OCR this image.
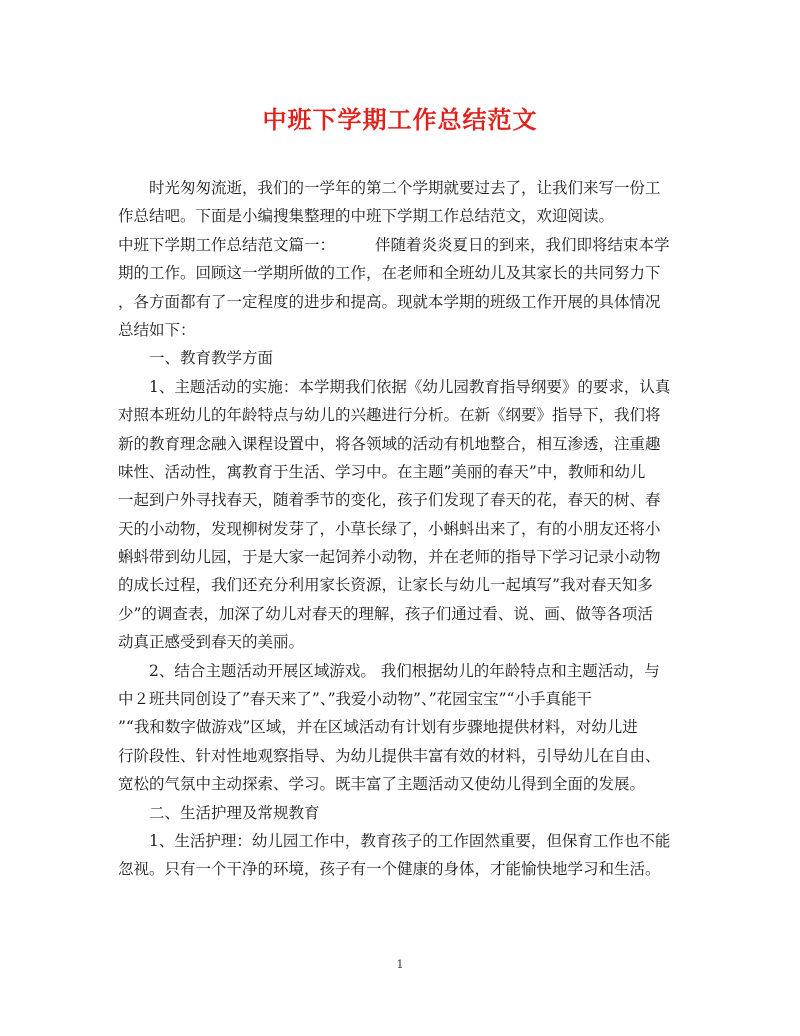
中班下学期工作总结范文
时光匆匆流逝，我们的一学年的第二个学期就要过去了，让我们来写一份工
作总结吧。下面是小编搜集整理的中班下学期工作总结范文，欢迎阅读。
中班下学期工作总结范文篇一：	伴随着炎炎夏日的到来，我们即将结束本学
期的工作。回顾这一学期所做的工作，在老师和全班幼儿及其家长的共同努力下
，各方面都有了一定程度的进步和提高。现就本学期的班级工作开展的具体情况
总结如下：
一、教育教学方面
1、主题活动的实施：本学期我们依据《幼儿园教育指导纲要》的要求，认真
对照本班幼儿的年龄特点与幼儿的兴趣进行分析。在新《纲要》指导下，我们将
新的教育理念融入课程设置中，将各领域的活动有机地整合，相互渗透，注重趣
味性、活动性，寓教育于生活、学习中。在主题”美丽的春天”中，教师和幼儿
一起到户外寻找春天，随着季节的变化，孩子们发现了春天的花，春天的树、春
天的小动物，发现柳树发芽了，小草长绿了，小蝌蚪出来了，有的小朋友还将小
蝌蚪带到幼儿园，于是大家一起饲养小动物，并在老师的指导下学习记录小动物
的成长过程，我们还充分利用家长资源，让家长与幼儿一起填写”我对春天知多
少”的调查表，加深了幼儿对春天的理解，孩子们通过看、说、画、做等各项活
动真正感受到春天的美丽。
2、结合主题活动开展区域游戏。 我们根据幼儿的年龄特点和主题活动，与
中２班共同创设了”春天来了”、”我爱小动物”、”花园宝宝”“小手真能干
”“我和数字做游戏”区域，并在区域活动有计划有步骤地提供材料，对幼儿进
行阶段性、针对性地观察指导、为幼儿提供丰富有效的材料，引导幼儿在自由、
宽松的气氛中主动探索、学习。既丰富了主题活动又使幼儿得到全面的发展。
二、生活护理及常规教育
1、生活护理：幼儿园工作中，教育孩子的工作固然重要，但保育工作也不能
忽视。只有一个干净的环境，孩子有一个健康的身体，才能愉快地学习和生活。
1
